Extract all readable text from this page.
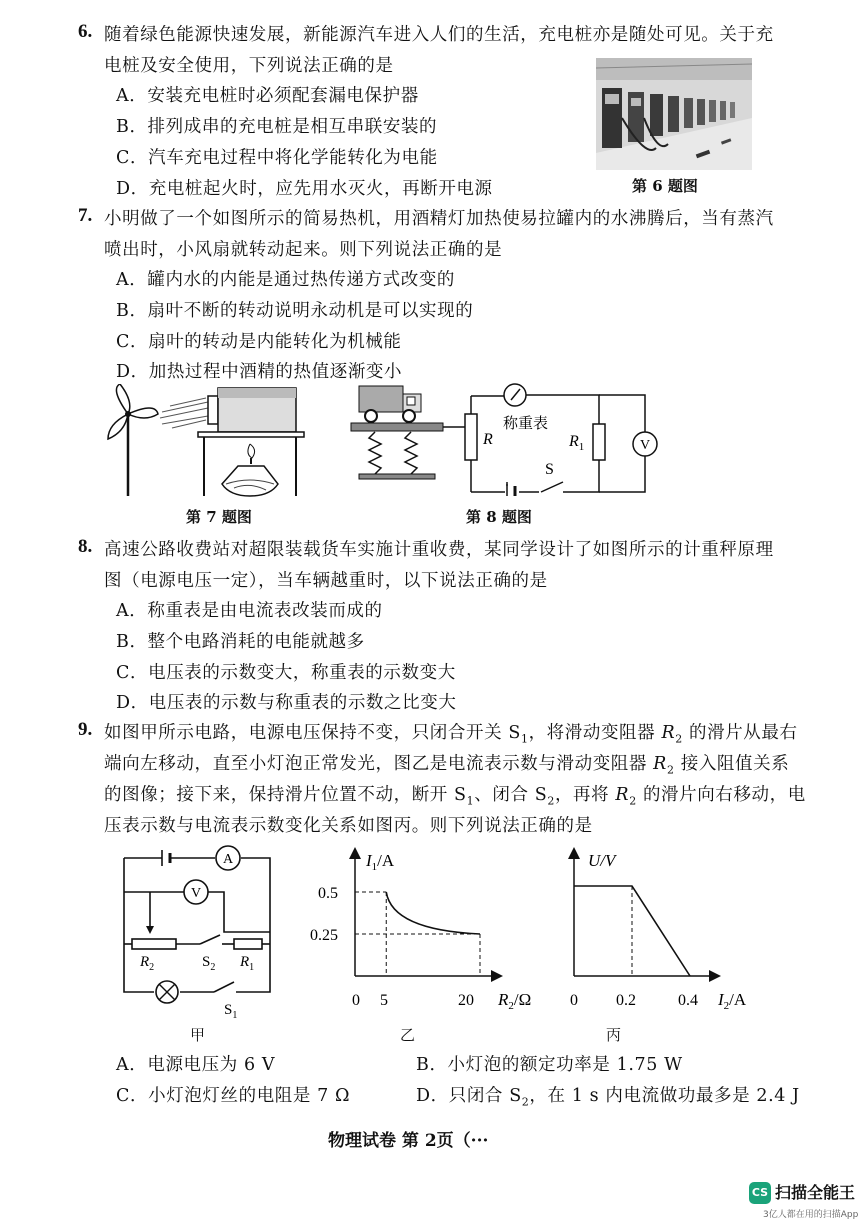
6. 随着绿色能源快速发展，新能源汽车进入人们的生活，充电桩亦是随处可见。关于充
电桩及安全使用，下列说法正确的是
A．安装充电桩时必须配套漏电保护器
B．排列成串的充电桩是相互串联安装的
C．汽车充电过程中将化学能转化为电能
D．充电桩起火时，应先用水灭火，再断开电源	第 6 题图
7. 小明做了一个如图所示的简易热机，用酒精灯加热使易拉罐内的水沸腾后，当有蒸汽
喷出时，小风扇就转动起来。则下列说法正确的是
A．罐内水的内能是通过热传递方式改变的
B．扇叶不断的转动说明永动机是可以实现的
C．扇叶的转动是内能转化为机械能
D．加热过程中酒精的热值逐渐变小
第 7 题图
V
称重表
R	$R_1$
S
第 8 题图
8. 高速公路收费站对超限装载货车实施计重收费，某同学设计了如图所示的计重秤原理
图（电源电压一定），当车辆越重时，以下说法正确的是
A．称重表是由电流表改装而成的
B．整个电路消耗的电能就越多
C．电压表的示数变大，称重表的示数变大
D．电压表的示数与称重表的示数之比变大
9. 如图甲所示电路，电源电压保持不变，只闭合开关 $S_1$，将滑动变阻器 $R_2$ 的滑片从最右
端向左移动，直至小灯泡正常发光，图乙是电流表示数与滑动变阻器 $R_2$ 接入阻值关系
的图像；接下来，保持滑片位置不动，断开 $S_1$、闭合 $S_2$，再将 $R_2$ 的滑片向右移动，电
压表示数与电流表示数变化关系如图丙。则下列说法正确的是
A
V
$R_2$	$S_2$ $R_1$
$S_1$
甲
$I_1/A$
0.5
0.25
0 5	20 $R_2/\Omega$
乙
U/V
0 0.2	0.4 $I_2/A$
丙
A．电源电压为 6 V	B．小灯泡的额定功率是 1.75 W
C．小灯泡灯丝的电阻是 7 Ω	D．只闭合 $S_2$，在 1 s 内电流做功最多是 2.4 J
物理试卷 第 2页（···
CS 扫描全能王
3亿人都在用的扫描App
